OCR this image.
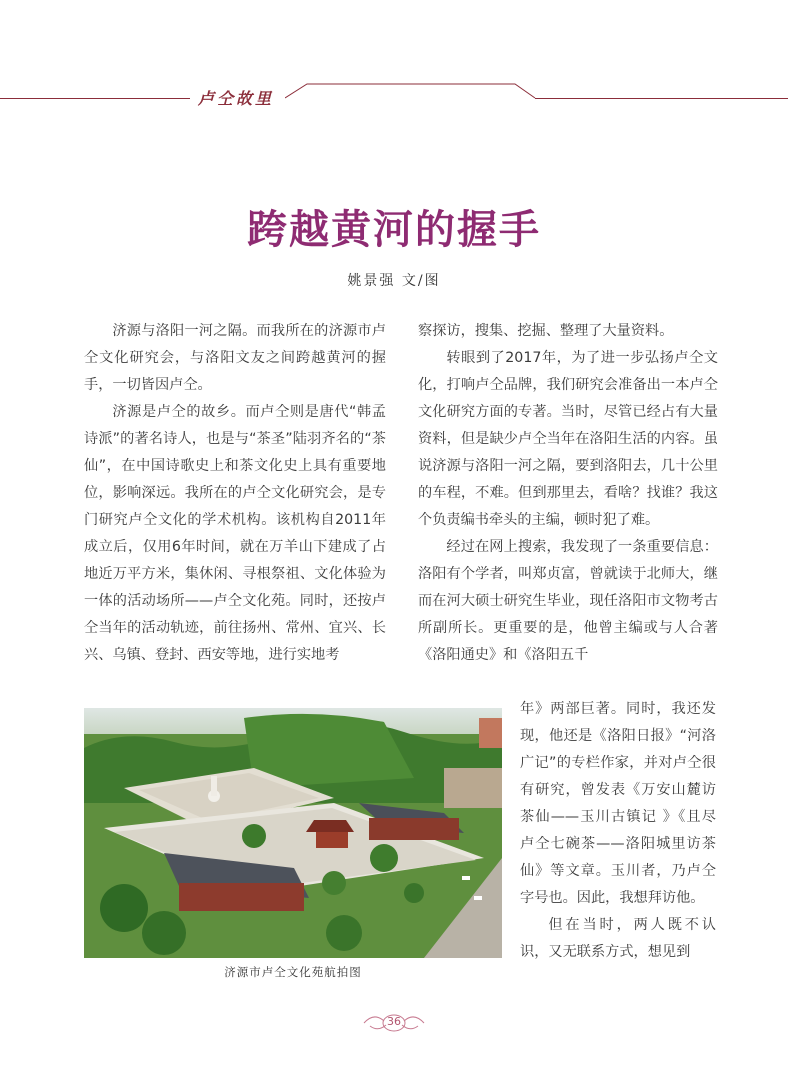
卢仝故里
跨越黄河的握手
姚景强 文/图

济源与洛阳一河之隔。而我所在的济源市卢仝文化研究会，与洛阳文友之间跨越黄河的握手，一切皆因卢仝。

济源是卢仝的故乡。而卢仝则是唐代“韩孟诗派”的著名诗人，也是与“茶圣”陆羽齐名的“茶仙”，在中国诗歌史上和茶文化史上具有重要地位，影响深远。我所在的卢仝文化研究会，是专门研究卢仝文化的学术机构。该机构自2011年成立后，仅用6年时间，就在万羊山下建成了占地近万平方米，集休闲、寻根祭祖、文化体验为一体的活动场所——卢仝文化苑。同时，还按卢仝当年的活动轨迹，前往扬州、常州、宜兴、长兴、乌镇、登封、西安等地，进行实地考

察探访，搜集、挖掘、整理了大量资料。

转眼到了2017年，为了进一步弘扬卢仝文化，打响卢仝品牌，我们研究会准备出一本卢仝文化研究方面的专著。当时，尽管已经占有大量资料，但是缺少卢仝当年在洛阳生活的内容。虽说济源与洛阳一河之隔，要到洛阳去，几十公里的车程，不难。但到那里去，看啥？找谁？我这个负责编书牵头的主编，顿时犯了难。

经过在网上搜索，我发现了一条重要信息：洛阳有个学者，叫郑贞富，曾就读于北师大，继而在河大硕士研究生毕业，现任洛阳市文物考古所副所长。更重要的是，他曾主编或与人合著《洛阳通史》和《洛阳五千

年》两部巨著。同时，我还发现，他还是《洛阳日报》“河洛广记”的专栏作家，并对卢仝很有研究，曾发表《万安山麓访茶仙——玉川古镇记 》《且尽卢仝七碗茶——洛阳城里访茶仙》等文章。玉川者，乃卢仝字号也。因此，我想拜访他。

但在当时，两人既不认识，又无联系方式，想见到

济源市卢仝文化苑航拍图
36
